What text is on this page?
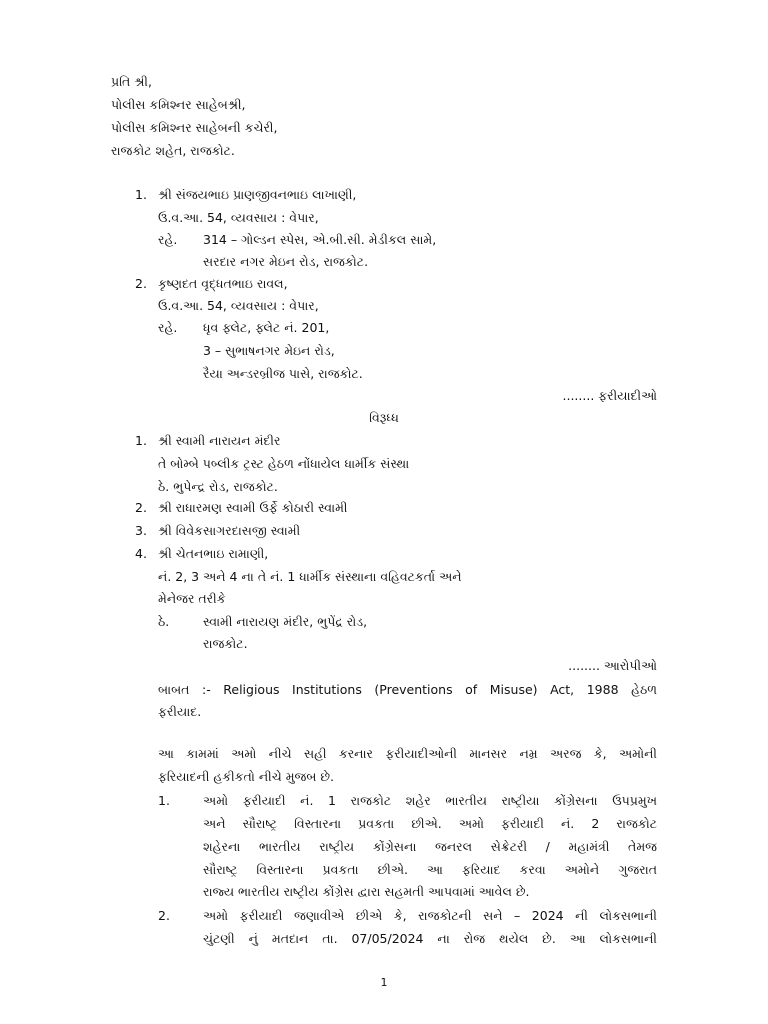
પ્રતિ શ્રી,
પોલીસ કમિશ્નર સાહેબશ્રી,
પોલીસ કમિશ્નર સાહેબની કચેરી,
રાજકોટ શહેત, રાજકોટ.
1. શ્રી સંજયભાઇ પ્રાણજીવનભાઇ લાખાણી,
ઉ.વ.આ. 54, વ્યવસાય : વેપાર,
રહે. 314 – ગોલ્ડન સ્પેસ, એ.બી.સી. મેડીકલ સામે,
સરદાર નગર મેઇન રોડ, રાજકોટ.
2. કૃષ્ણદત વૃદ્ધતભાઇ રાવલ,
ઉ.વ.આ. 54, વ્યવસાય : વેપાર,
રહે. ધૃવ ફ્લેટ, ફ્લેટ નં. 201,
3 – સુભાષનગર મેઇન રોડ,
રૈયા અન્ડરબ્રીજ પાસે, રાજકોટ.
........ ફરીયાદીઓ
વિરૂધ્ધ
1. શ્રી સ્વામી નારાયન મંદીર
તે બોમ્બે પબ્લીક ટ્રસ્ટ હેઠળ નોંધાયેલ ધાર્મીક સંસ્થા
ઠે. ભુપેન્દ્ર રોડ, રાજકોટ.
2. શ્રી રાધારમણ સ્વામી ઉર્ફે કોઠારી સ્વામી
3. શ્રી વિવેકસાગરદાસજી સ્વામી
4. શ્રી ચેતનભાઇ રામાણી,
નં. 2, 3 અને 4 ના તે નં. 1 ધાર્મીક સંસ્થાના વહિવટકર્તા અને
મેનેજર તરીકે
ઠે.	સ્વામી નારાયણ મંદીર, ભુપેંદ્ર રોડ,
રાજકોટ.
........ આરોપીઓ
બાબત :- Religious Institutions (Preventions of Misuse) Act, 1988 હેઠળ
ફરીયાદ.
આ કામમાં અમો નીચે સહી કરનાર ફરીયાદીઓની માનસર નમ્ર અરજ કે, અમોની
ફરિયાદની હકીકતો નીચે મુજબ છે.
1.	અમો ફરીયાદી નં. 1 રાજકોટ શહેર ભારતીય રાષ્ટ્રીયા કોંગ્રેસના ઉપપ્રમુખ
અને સૌરાષ્ટ્ર વિસ્તારના પ્રવકતા છીએ. અમો ફરીયાદી નં. 2 રાજકોટ
શહેરના ભારતીય રાષ્ટ્રીય કોંગ્રેસના જનરલ સેક્રેટરી / મહામંત્રી તેમજ
સૌરાષ્ટ્ર વિસ્તારના પ્રવકતા છીએ. આ ફરિયાદ કરવા અમોને ગુજરાત
રાજ્ય ભારતીય રાષ્ટ્રીય કોંગ્રેસ દ્વારા સહમતી આપવામાં આવેલ છે.
2.	અમો ફરીયાદી જણાવીએ છીએ કે, રાજકોટની સને – 2024 ની લોકસભાની
ચુંટણી નું મતદાન તા. 07/05/2024 ના રોજ થયેલ છે. આ લોકસભાની
1
